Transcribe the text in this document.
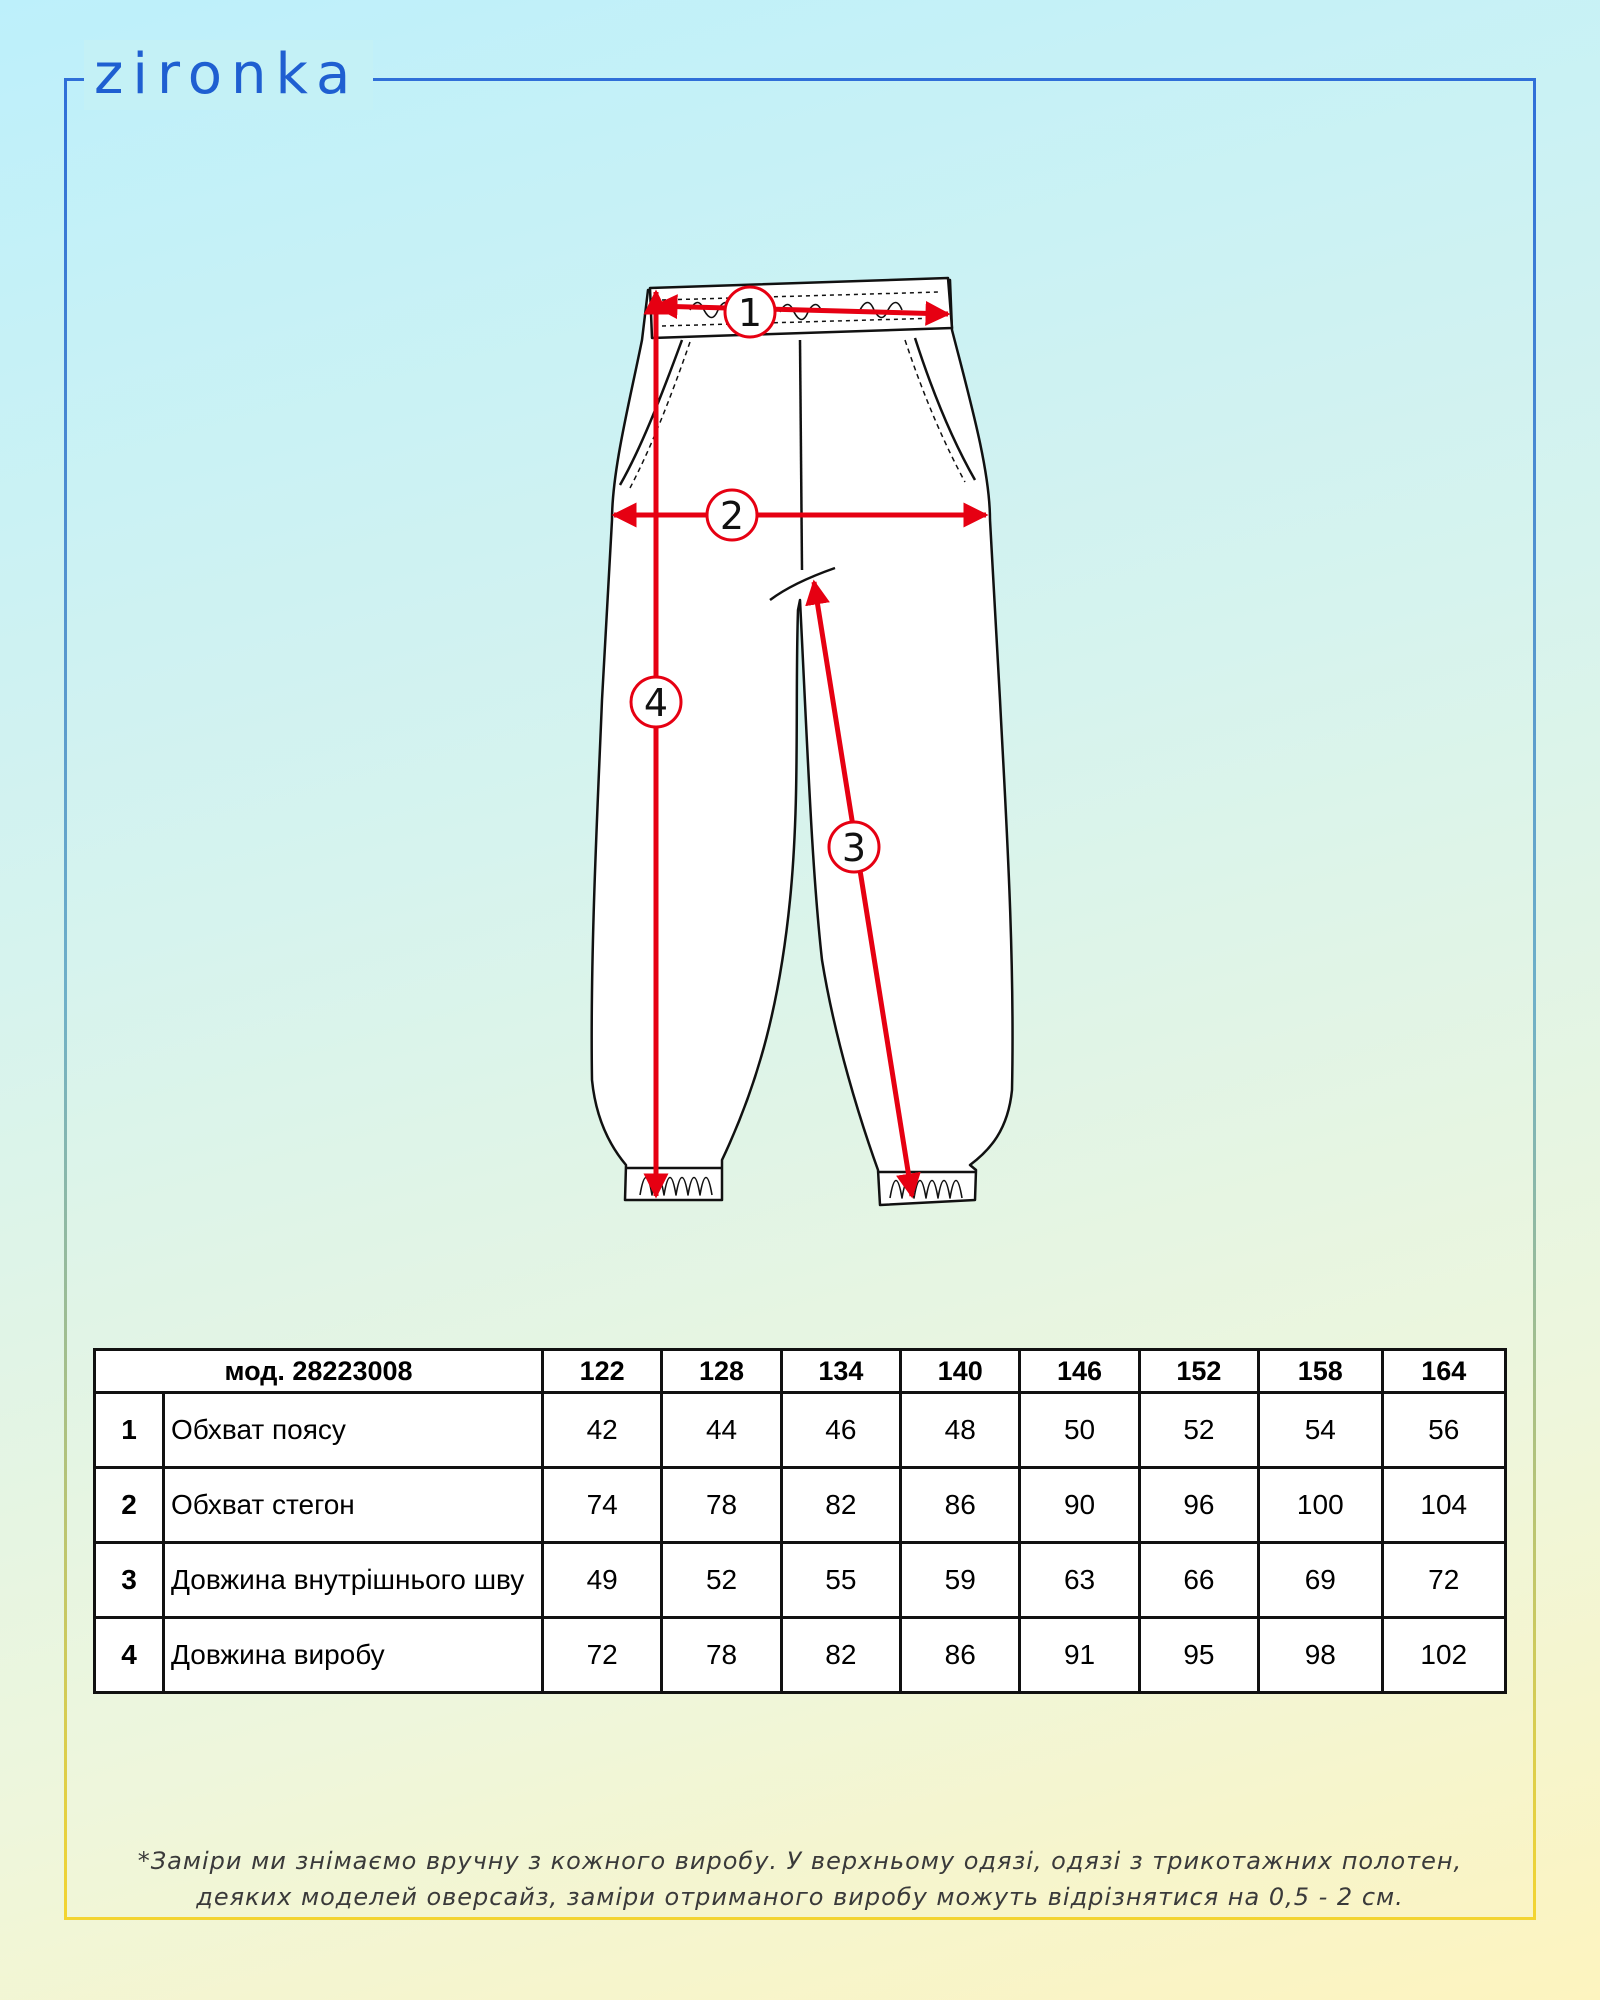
zironka
1
2
3
4
мод. 28223008		122	128	134	140	146	152	158	164
1	Обхват поясу	42	44	46	48	50	52	54	56
2	Обхват стегон	74	78	82	86	90	96	100	104
3	Довжина внутрішнього шву	49	52	55	59	63	66	69	72
4	Довжина виробу	72	78	82	86	91	95	98	102
*Заміри ми знімаємо вручну з кожного виробу. У верхньому одязі, одязі з трикотажних полотен,
деяких моделей оверсайз, заміри отриманого виробу можуть відрізнятися на 0,5 - 2 см.
